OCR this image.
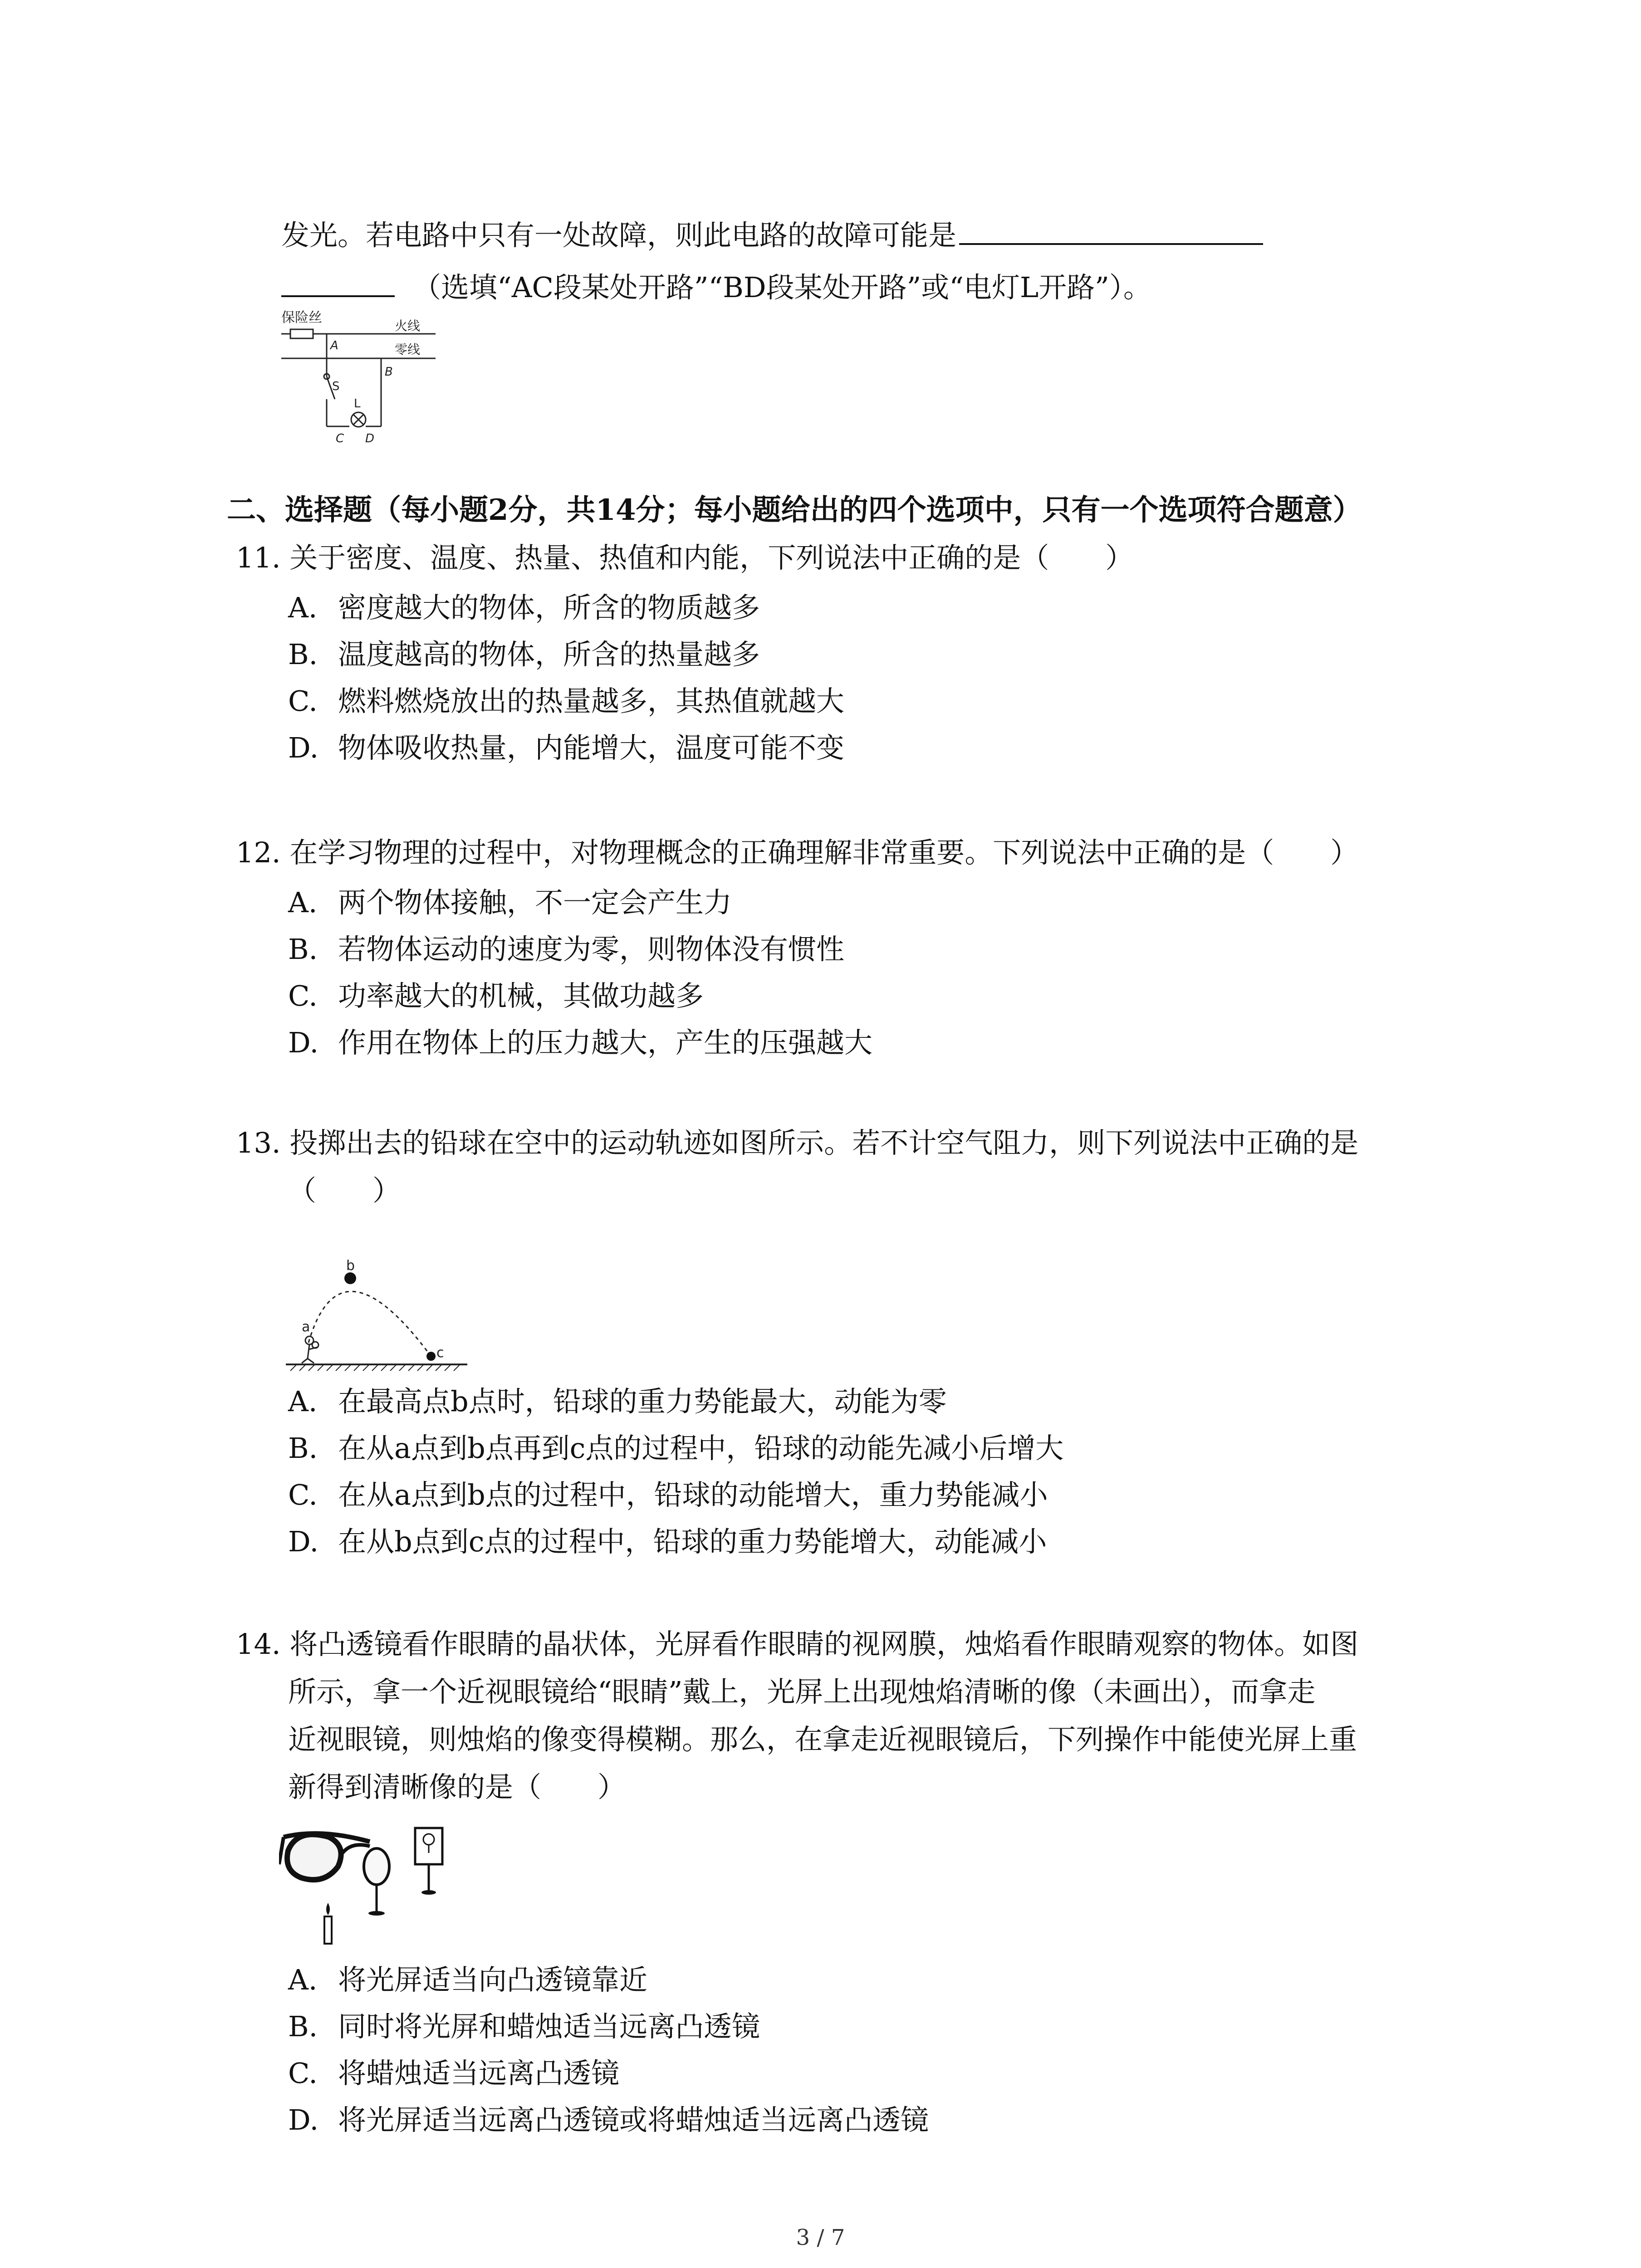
发光。若电路中只有一处故障，则此电路的故障可能是
（选填“AC段某处开路”“BD段某处开路”或“电灯L开路”）。
保险丝
火线
零线
A
S
L
B
C D
二、选择题（每小题2分，共14分；每小题给出的四个选项中，只有一个选项符合题意）
11. 关于密度、温度、热量、热值和内能，下列说法中正确的是（　　）
A. 密度越大的物体，所含的物质越多
B. 温度越高的物体，所含的热量越多
C. 燃料燃烧放出的热量越多，其热值就越大
D. 物体吸收热量，内能增大，温度可能不变
12. 在学习物理的过程中，对物理概念的正确理解非常重要。下列说法中正确的是（　　）
A. 两个物体接触，不一定会产生力
B. 若物体运动的速度为零，则物体没有惯性
C. 功率越大的机械，其做功越多
D. 作用在物体上的压力越大，产生的压强越大
13. 投掷出去的铅球在空中的运动轨迹如图所示。若不计空气阻力，则下列说法中正确的是
（　　）
b
c
a
A. 在最高点b点时，铅球的重力势能最大，动能为零
B. 在从a点到b点再到c点的过程中，铅球的动能先减小后增大
C. 在从a点到b点的过程中，铅球的动能增大，重力势能减小
D. 在从b点到c点的过程中，铅球的重力势能增大，动能减小
14. 将凸透镜看作眼睛的晶状体，光屏看作眼睛的视网膜，烛焰看作眼睛观察的物体。如图
所示，拿一个近视眼镜给“眼睛”戴上，光屏上出现烛焰清晰的像（未画出），而拿走
近视眼镜，则烛焰的像变得模糊。那么，在拿走近视眼镜后，下列操作中能使光屏上重
新得到清晰像的是（　　）
A. 将光屏适当向凸透镜靠近
B. 同时将光屏和蜡烛适当远离凸透镜
C. 将蜡烛适当远离凸透镜
D. 将光屏适当远离凸透镜或将蜡烛适当远离凸透镜
3 / 7
